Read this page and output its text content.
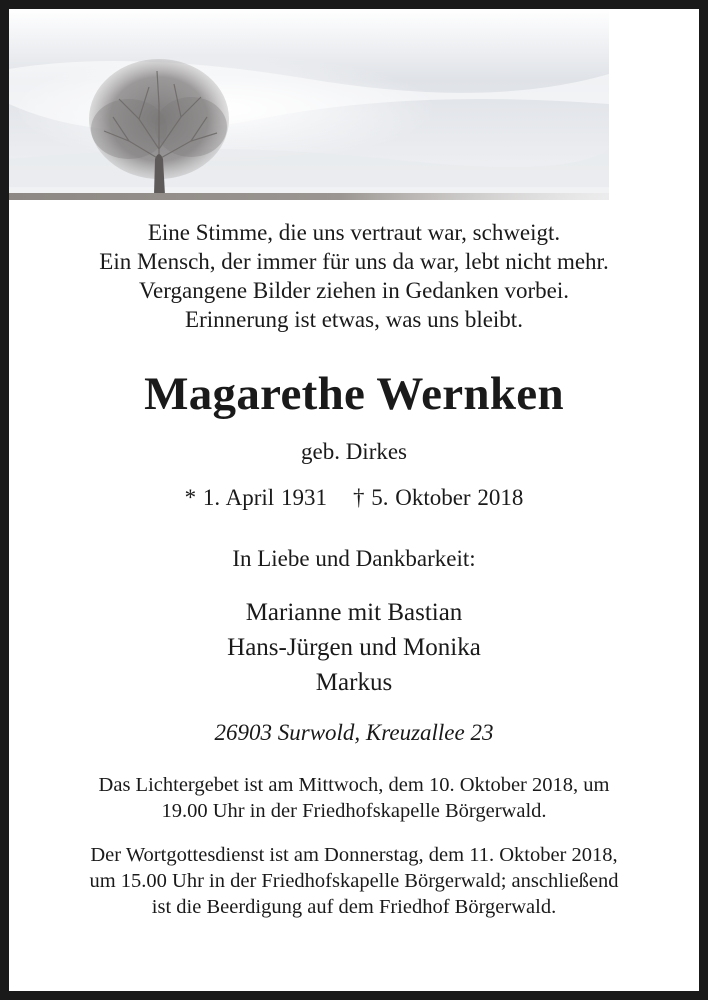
Eine Stimme, die uns vertraut war, schweigt.
Ein Mensch, der immer für uns da war, lebt nicht mehr.
Vergangene Bilder ziehen in Gedanken vorbei.
Erinnerung ist etwas, was uns bleibt.
Magarethe Wernken
geb. Dirkes
* 1. April 1931 † 5. Oktober 2018
In Liebe und Dankbarkeit:
Marianne mit Bastian
Hans-Jürgen und Monika
Markus
26903 Surwold, Kreuzallee 23
Das Lichtergebet ist am Mittwoch, dem 10. Oktober 2018, um
19.00 Uhr in der Friedhofskapelle Börgerwald.
Der Wortgottesdienst ist am Donnerstag, dem 11. Oktober 2018,
um 15.00 Uhr in der Friedhofskapelle Börgerwald; anschließend
ist die Beerdigung auf dem Friedhof Börgerwald.
